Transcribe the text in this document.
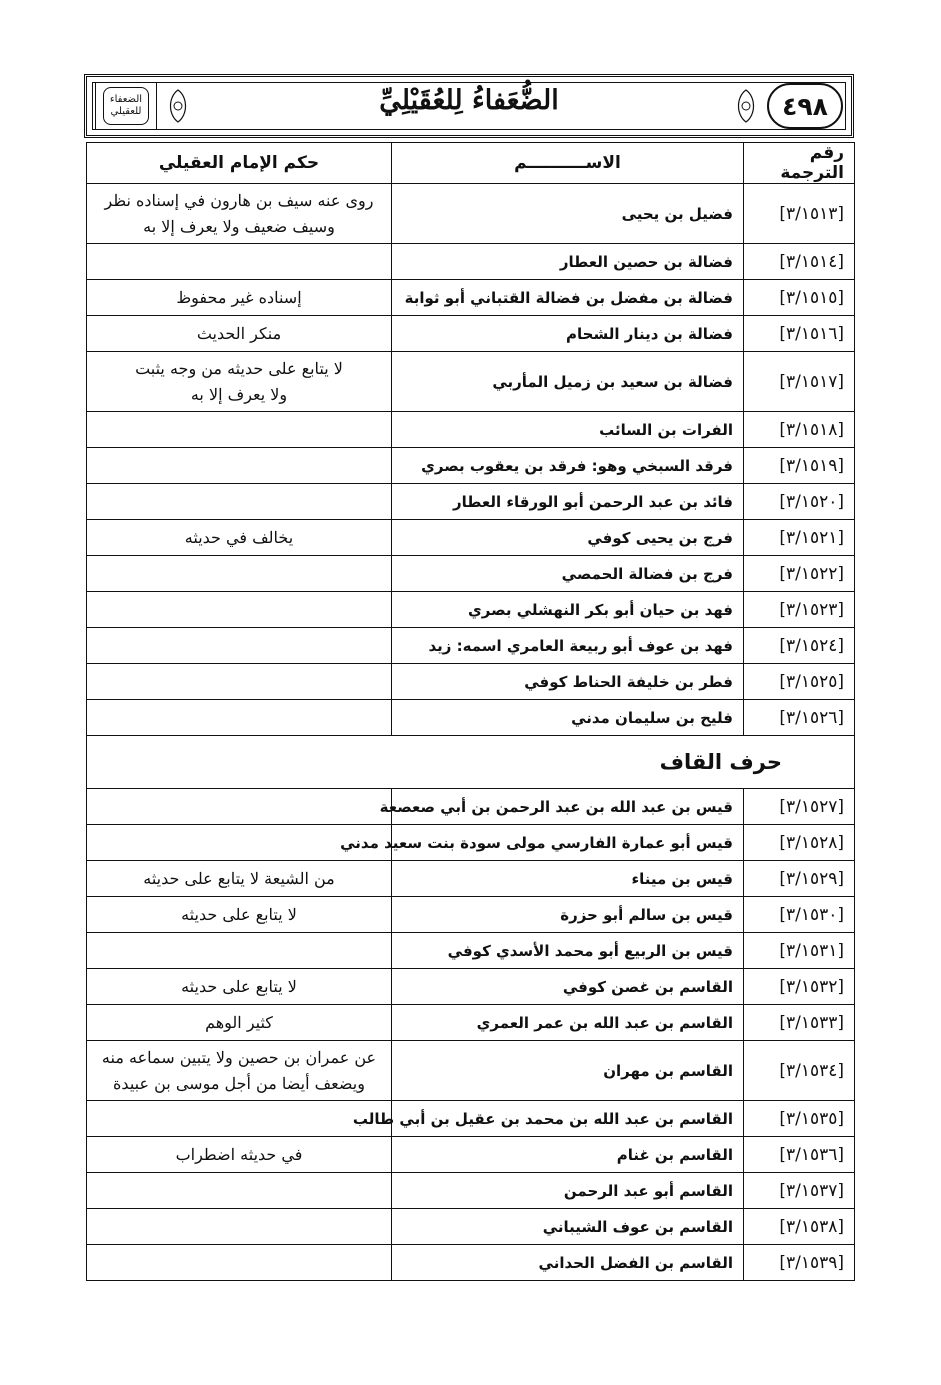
الضعفاء للعقيلي	الضُّعَفاءُ لِلعُقَيْلِيِّ	٤٩٨
رقم الترجمة	الاســــــــــم	حكم الإمام العقيلي
[٣/١٥١٣]	فضيل بن يحيى	روى عنه سيف بن هارون في إسناده نظر
وسيف ضعيف ولا يعرف إلا به

[٣/١٥١٤]	فضالة بن حصين العطار	
[٣/١٥١٥]	فضالة بن مفضل بن فضالة القتباني أبو ثوابة	إسناده غير محفوظ

[٣/١٥١٦]	فضالة بن دينار الشحام	منكر الحديث

[٣/١٥١٧]	فضالة بن سعيد بن زميل المأربي	لا يتابع على حديثه من وجه يثبت
ولا يعرف إلا به

[٣/١٥١٨]	الفرات بن السائب	
[٣/١٥١٩]	فرقد السبخي وهو: فرقد بن يعقوب بصري	
[٣/١٥٢٠]	فائد بن عبد الرحمن أبو الورقاء العطار	
[٣/١٥٢١]	فرج بن يحيى كوفي	يخالف في حديثه

[٣/١٥٢٢]	فرج بن فضالة الحمصي	
[٣/١٥٢٣]	فهد بن حيان أبو بكر النهشلي بصري	
[٣/١٥٢٤]	فهد بن عوف أبو ربيعة العامري اسمه: زيد	
[٣/١٥٢٥]	فطر بن خليفة الحناط كوفي	
[٣/١٥٢٦]	فليح بن سليمان مدني	
حرف القاف		
[٣/١٥٢٧]	قيس بن عبد الله بن عبد الرحمن بن أبي صعصعة	
[٣/١٥٢٨]	قيس أبو عمارة الفارسي مولى سودة بنت سعيد مدني	
[٣/١٥٢٩]	قيس بن ميناء	من الشيعة لا يتابع على حديثه

[٣/١٥٣٠]	قيس بن سالم أبو حزرة	لا يتابع على حديثه

[٣/١٥٣١]	قيس بن الربيع أبو محمد الأسدي كوفي	
[٣/١٥٣٢]	القاسم بن غصن كوفي	لا يتابع على حديثه

[٣/١٥٣٣]	القاسم بن عبد الله بن عمر العمري	كثير الوهم

[٣/١٥٣٤]	القاسم بن مهران	عن عمران بن حصين ولا يتبين سماعه منه
ويضعف أيضا من أجل موسى بن عبيدة

[٣/١٥٣٥]	القاسم بن عبد الله بن محمد بن عقيل بن أبي طالب	
[٣/١٥٣٦]	القاسم بن غنام	في حديثه اضطراب

[٣/١٥٣٧]	القاسم أبو عبد الرحمن	
[٣/١٥٣٨]	القاسم بن عوف الشيباني	
[٣/١٥٣٩]	القاسم بن الفضل الحداني	
